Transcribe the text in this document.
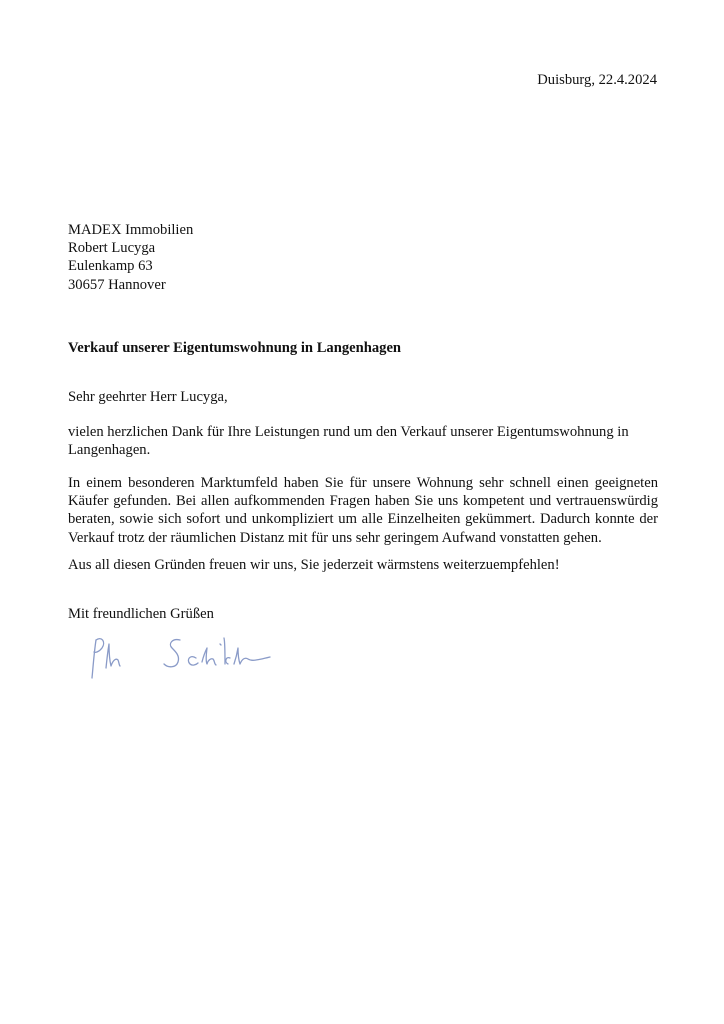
Duisburg, 22.4.2024
MADEX Immobilien
Robert Lucyga
Eulenkamp 63
30657 Hannover
Verkauf unserer Eigentumswohnung in Langenhagen
Sehr geehrter Herr Lucyga,

vielen herzlichen Dank für Ihre Leistungen rund um den Verkauf unserer Eigentumswohnung in Langenhagen.

In einem besonderen Marktumfeld haben Sie für unsere Wohnung sehr schnell einen geeigneten Käufer gefunden. Bei allen aufkommenden Fragen haben Sie uns kompetent und vertrauenswürdig beraten, sowie sich sofort und unkompliziert um alle Einzelheiten gekümmert. Dadurch konnte der Verkauf trotz der räumlichen Distanz mit für uns sehr geringem Aufwand vonstatten gehen.

Aus all diesen Gründen freuen wir uns, Sie jederzeit wärmstens weiterzuempfehlen!

Mit freundlichen Grüßen
